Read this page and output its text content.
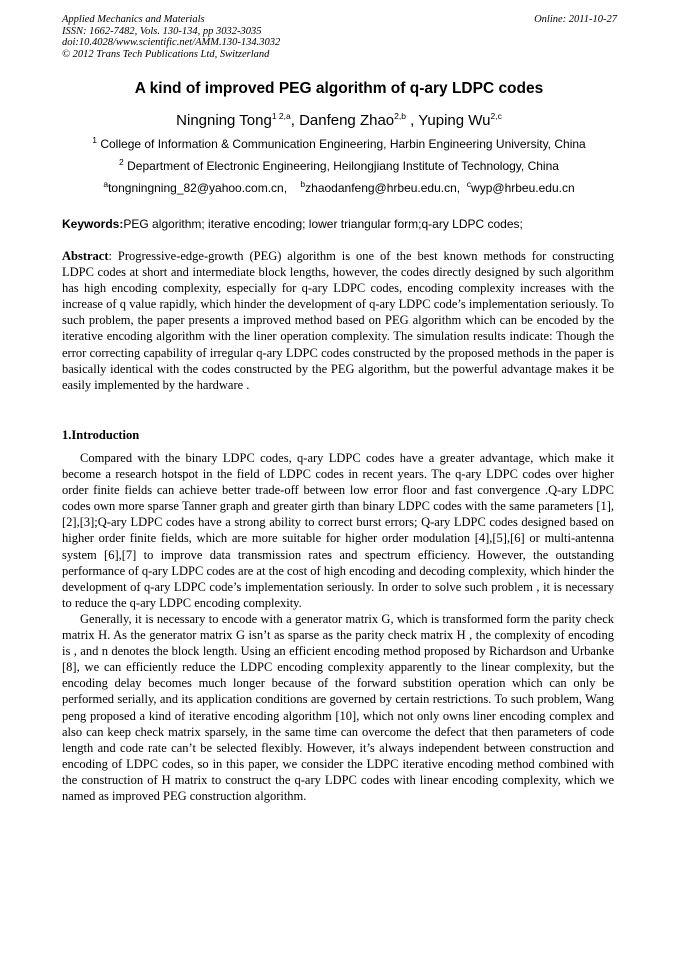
Applied Mechanics and Materials
ISSN: 1662-7482, Vols. 130-134, pp 3032-3035
doi:10.4028/www.scientific.net/AMM.130-134.3032
© 2012 Trans Tech Publications Ltd, Switzerland
Online: 2011-10-27
A kind of improved PEG algorithm of q-ary LDPC codes
Ningning Tong$^{1 2,a}$, Danfeng Zhao$^{2,b}$ , Yuping Wu$^{2,c}$
$^1$ College of Information & Communication Engineering, Harbin Engineering University, China
$^2$ Department of Electronic Engineering, Heilongjiang Institute of Technology, China
$^a$tongningning_82@yahoo.com.cn, $^b$zhaodanfeng@hrbeu.edu.cn, $^c$wyp@hrbeu.edu.cn
Keywords:PEG algorithm; iterative encoding; lower triangular form;q-ary LDPC codes;
Abstract: Progressive-edge-growth (PEG) algorithm is one of the best known methods for constructing LDPC codes at short and intermediate block lengths, however, the codes directly designed by such algorithm has high encoding complexity, especially for q-ary LDPC codes, encoding complexity increases with the increase of q value rapidly, which hinder the development of q-ary LDPC code’s implementation seriously. To such problem, the paper presents a improved method based on PEG algorithm which can be encoded by the iterative encoding algorithm with the liner operation complexity. The simulation results indicate: Though the error correcting capability of irregular q-ary LDPC codes constructed by the proposed methods in the paper is basically identical with the codes constructed by the PEG algorithm, but the powerful advantage makes it be easily implemented by the hardware .
1.Introduction

Compared with the binary LDPC codes, q-ary LDPC codes have a greater advantage, which make it become a research hotspot in the field of LDPC codes in recent years. The q-ary LDPC codes over higher order finite fields can achieve better trade-off between low error floor and fast convergence .Q-ary LDPC codes own more sparse Tanner graph and greater girth than binary LDPC codes with the same parameters [1],[2],[3];Q-ary LDPC codes have a strong ability to correct burst errors; Q-ary LDPC codes designed based on higher order finite fields, which are more suitable for higher order modulation [4],[5],[6] or multi-antenna system [6],[7] to improve data transmission rates and spectrum efficiency. However, the outstanding performance of q-ary LDPC codes are at the cost of high encoding and decoding complexity, which hinder the development of q-ary LDPC code’s implementation seriously. In order to solve such problem , it is necessary to reduce the q-ary LDPC encoding complexity.

Generally, it is necessary to encode with a generator matrix G, which is transformed form the parity check matrix H. As the generator matrix G isn’t as sparse as the parity check matrix H , the complexity of encoding is , and n denotes the block length. Using an efficient encoding method proposed by Richardson and Urbanke [8], we can efficiently reduce the LDPC encoding complexity apparently to the linear complexity, but the encoding delay becomes much longer because of the forward substition operation which can only be performed serially, and its application conditions are governed by certain restrictions. To such problem, Wang peng proposed a kind of iterative encoding algorithm [10], which not only owns liner encoding complex and also can keep check matrix sparsely, in the same time can overcome the defect that then parameters of code length and code rate can’t be selected flexibly. However, it’s always independent between construction and encoding of LDPC codes, so in this paper, we consider the LDPC iterative encoding method combined with the construction of H matrix to construct the q-ary LDPC codes with linear encoding complexity, which we named as improved PEG construction algorithm.
